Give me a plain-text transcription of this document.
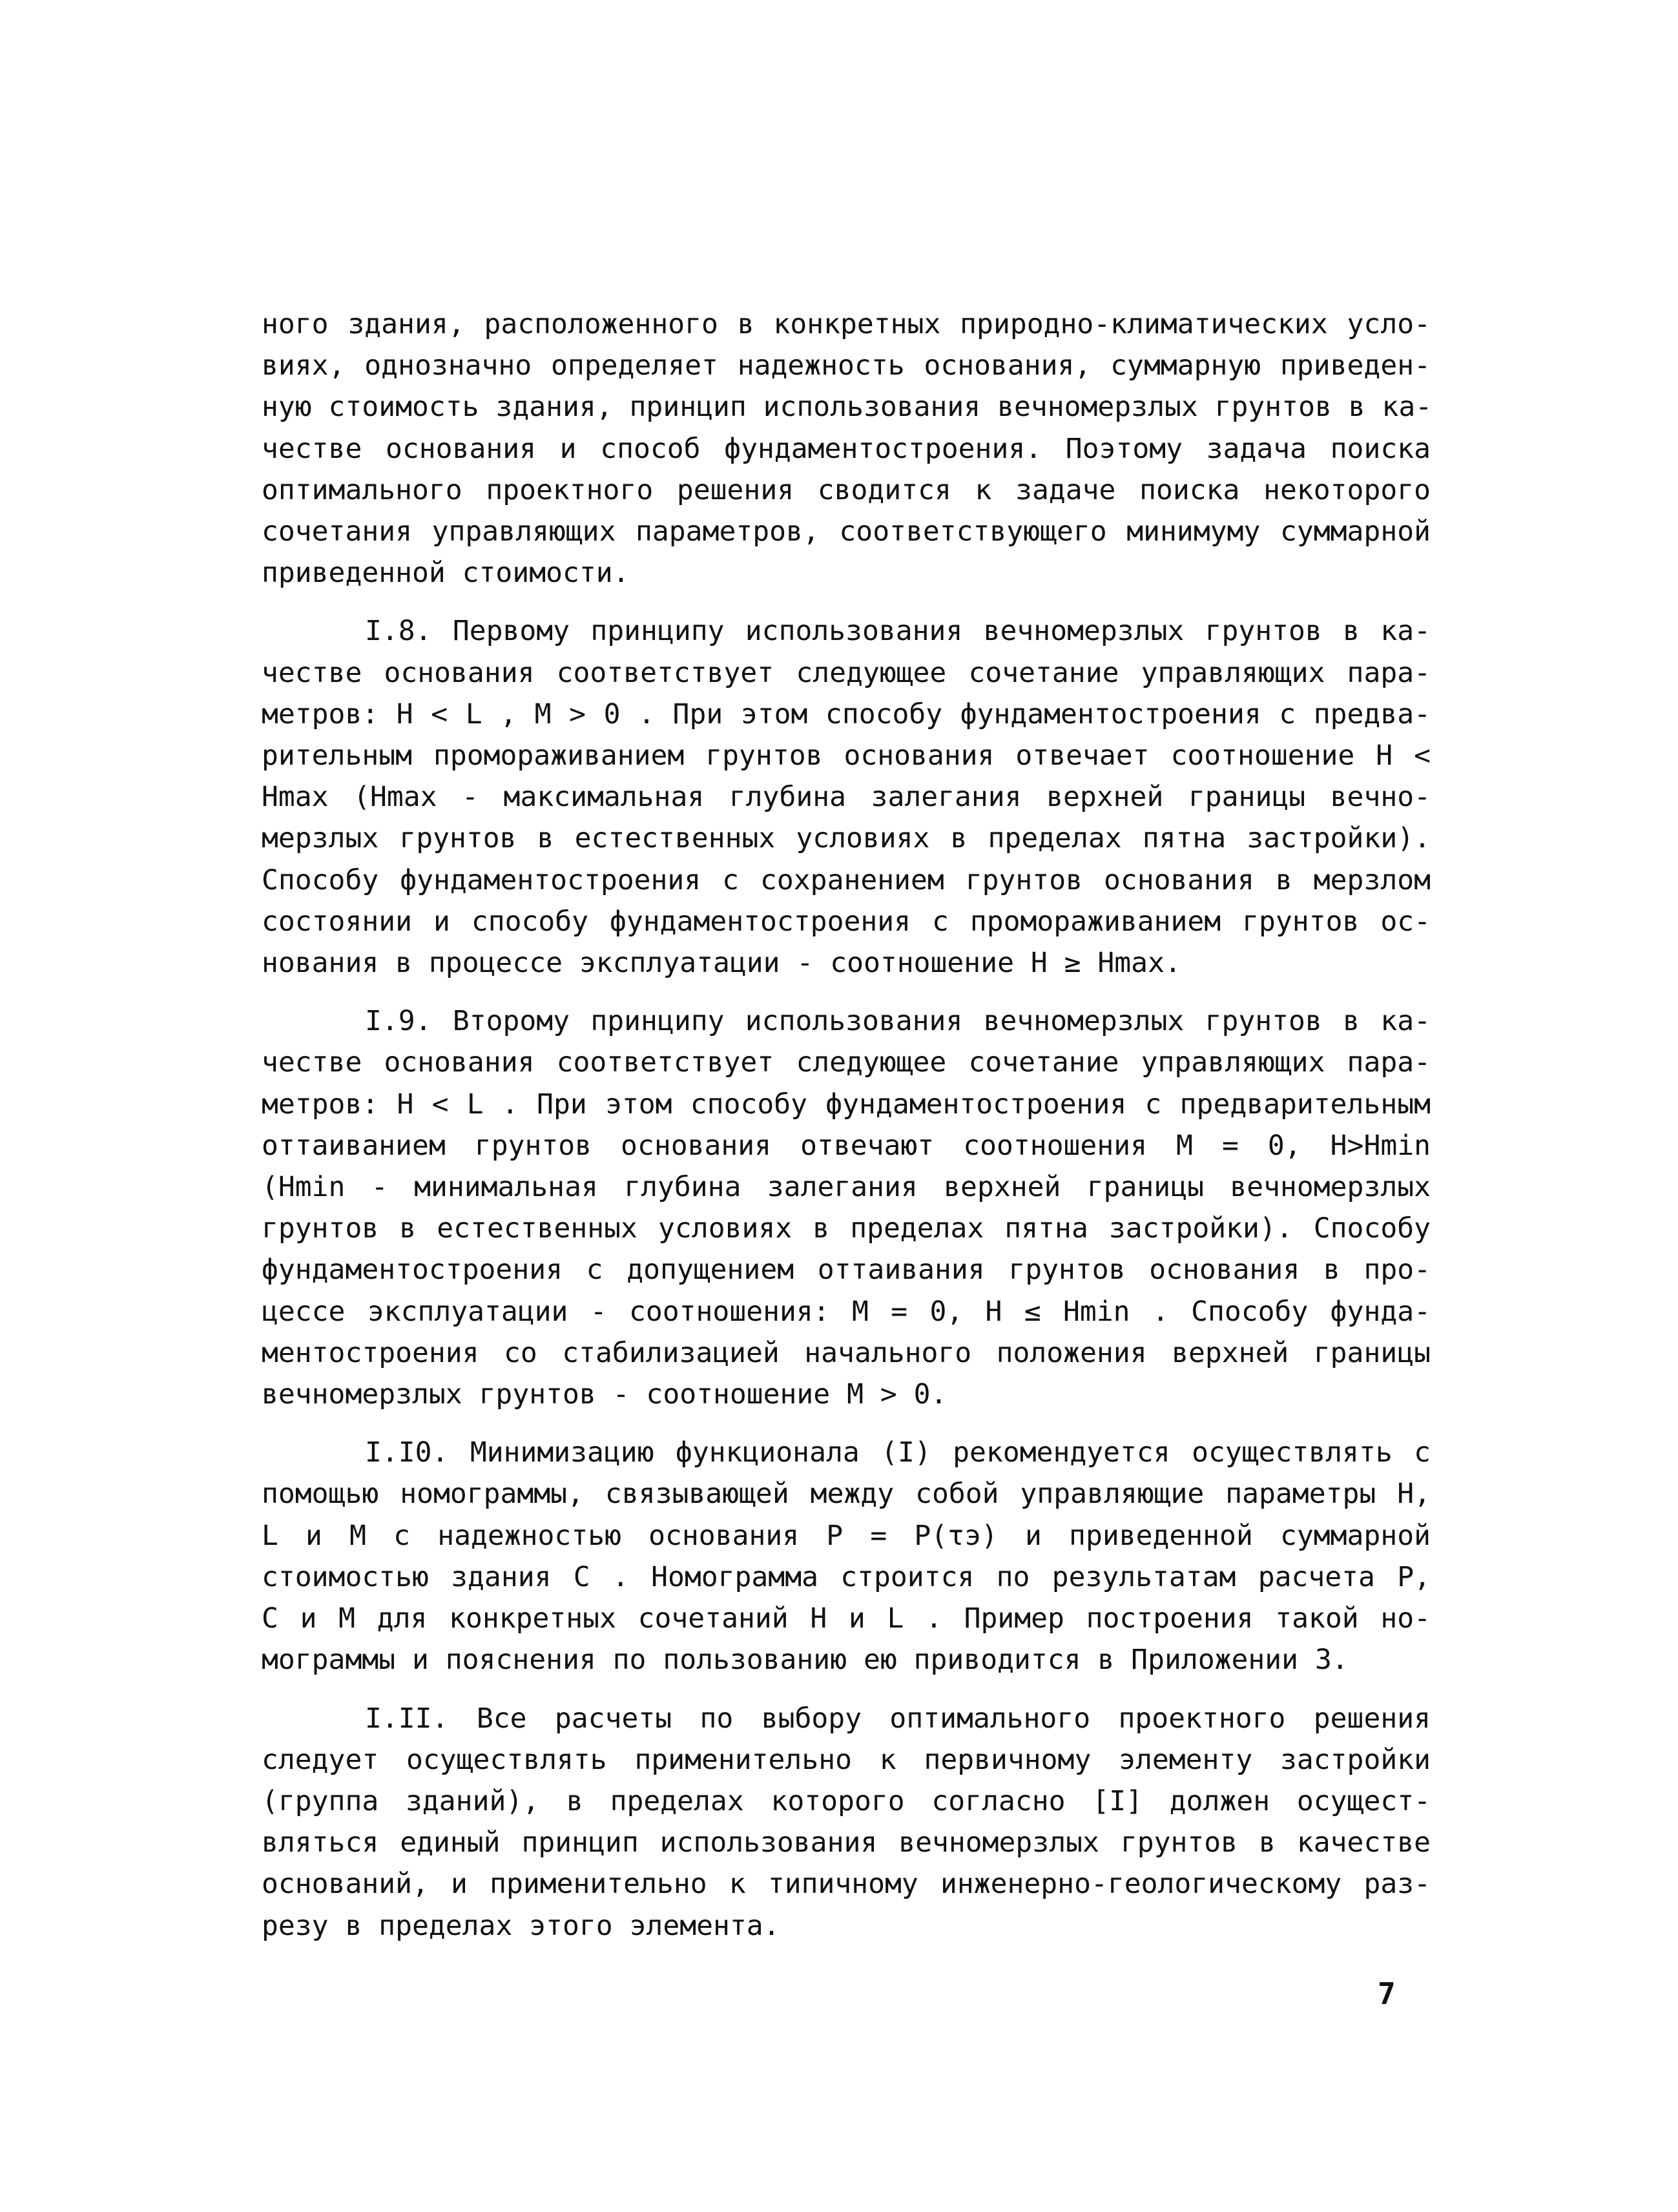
ного здания, расположенного в конкретных природно-климатических усло-
виях, однозначно определяет надежность основания, суммарную приведен-
ную стоимость здания, принцип использования вечномерзлых грунтов в ка-
честве основания и способ фундаментостроения. Поэтому задача поиска
оптимального проектного решения сводится к задаче поиска некоторого
сочетания управляющих параметров, соответствующего минимуму суммарной
приведенной стоимости.
I.8. Первому принципу использования вечномерзлых грунтов в ка-
честве основания соответствует следующее сочетание управляющих пара-
метров: H < L , M > 0 . При этом способу фундаментостроения с предва-
рительным промораживанием грунтов основания отвечает соотношение H <
Hmax (Hmax - максимальная глубина залегания верхней границы вечно-
мерзлых грунтов в естественных условиях в пределах пятна застройки).
Способу фундаментостроения с сохранением грунтов основания в мерзлом
состоянии и способу фундаментостроения с промораживанием грунтов ос-
нования в процессе эксплуатации - соотношение H ≥ Hmax.
I.9. Второму принципу использования вечномерзлых грунтов в ка-
честве основания соответствует следующее сочетание управляющих пара-
метров: H < L . При этом способу фундаментостроения с предварительным
оттаиванием грунтов основания отвечают соотношения M = 0, H>Hmin
(Hmin - минимальная глубина залегания верхней границы вечномерзлых
грунтов в естественных условиях в пределах пятна застройки). Способу
фундаментостроения с допущением оттаивания грунтов основания в про-
цессе эксплуатации - соотношения: M = 0, H ≤ Hmin . Способу фунда-
ментостроения со стабилизацией начального положения верхней границы
вечномерзлых грунтов - соотношение M > 0.
I.I0. Минимизацию функционала (I) рекомендуется осуществлять с
помощью номограммы, связывающей между собой управляющие параметры H,
L и M с надежностью основания P = P(τэ) и приведенной суммарной
стоимостью здания C . Номограмма строится по результатам расчета P,
C и M для конкретных сочетаний H и L . Пример построения такой но-
мограммы и пояснения по пользованию ею приводится в Приложении 3.
I.II. Все расчеты по выбору оптимального проектного решения
следует осуществлять применительно к первичному элементу застройки
(группа зданий), в пределах которого согласно [I] должен осущест-
вляться единый принцип использования вечномерзлых грунтов в качестве
оснований, и применительно к типичному инженерно-геологическому раз-
резу в пределах этого элемента.
7
